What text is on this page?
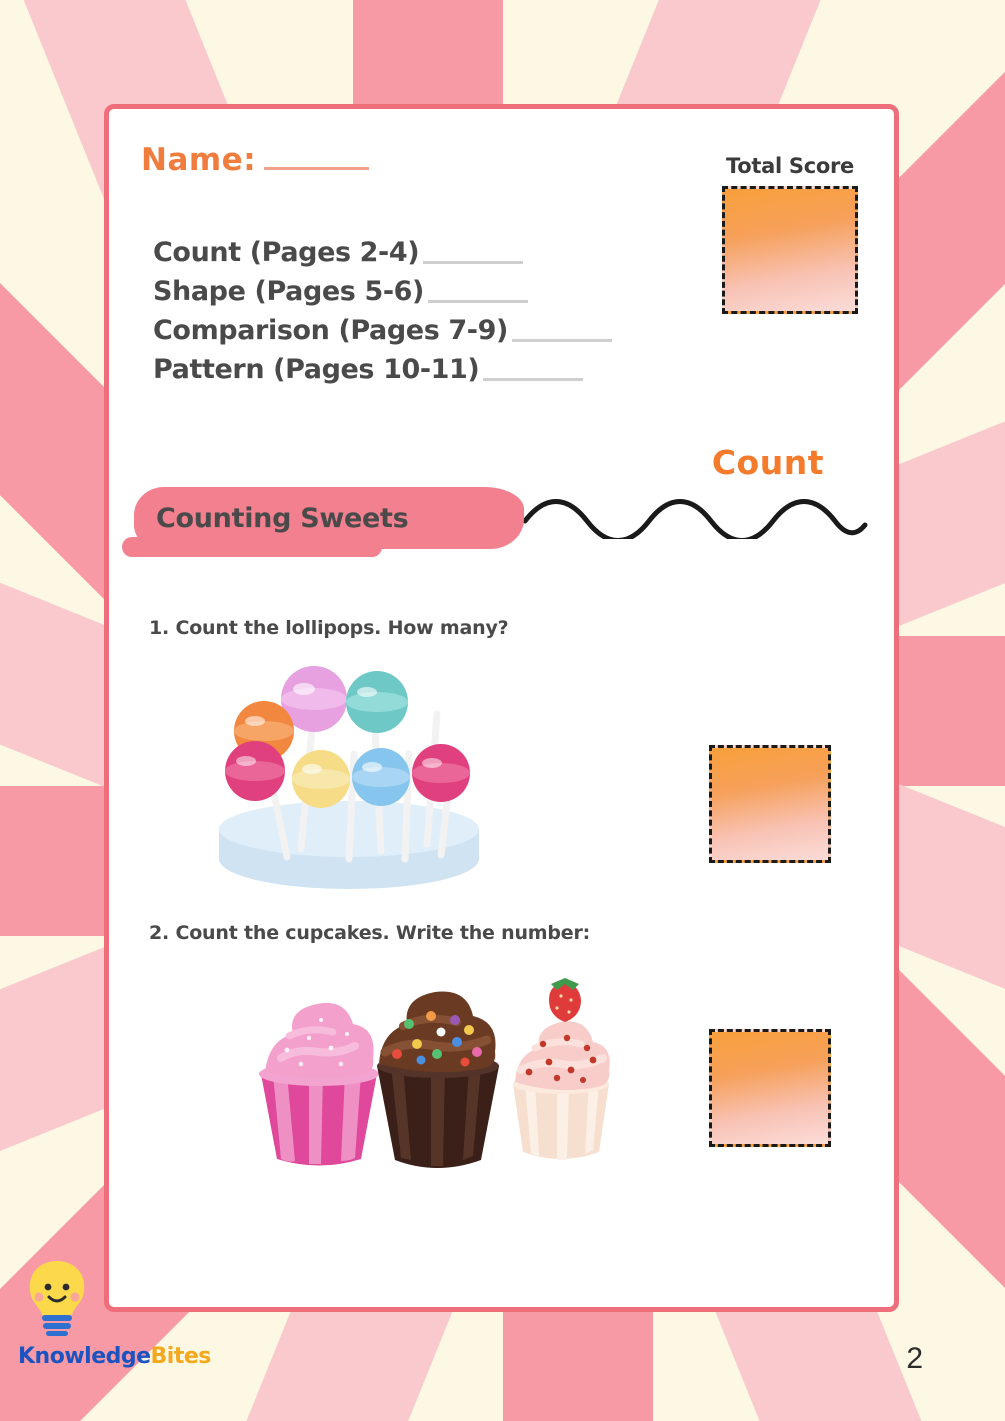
Name:	Total Score
Count (Pages 2-4)
Shape (Pages 5-6)
Comparison (Pages 7-9)
Pattern (Pages 10-11)
Count
Counting Sweets
1. Count the lollipops. How many?
2. Count the cupcakes. Write the number:
KnowledgeBites	2
